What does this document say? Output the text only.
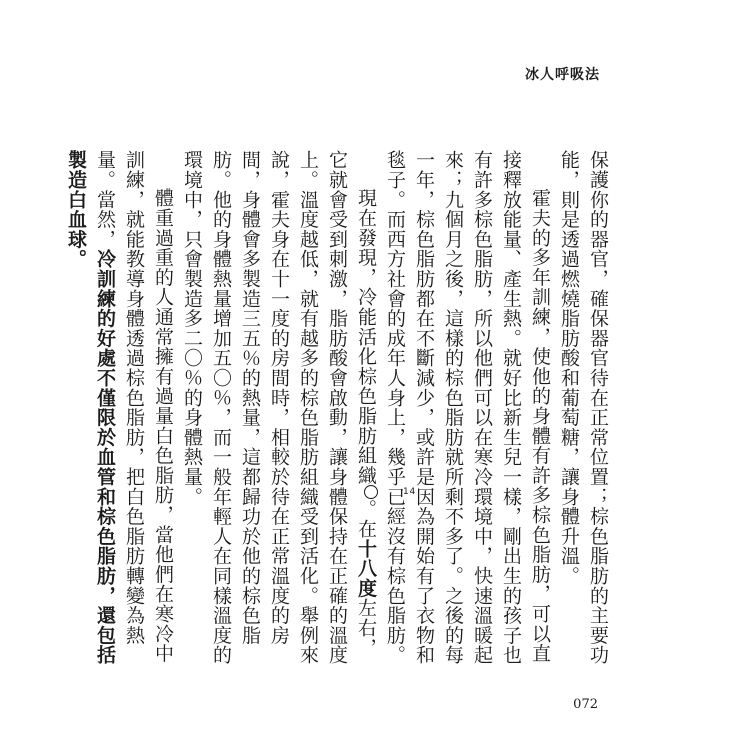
冰人呼吸法

保護你的器官，確保器官待在正常位置；棕色脂肪的主要功能，則是透過燃燒脂肪酸和葡萄糖，讓身體升溫。

霍夫的多年訓練，使他的身體有許多棕色脂肪，可以直接釋放能量、產生熱。就好比新生兒一樣，剛出生的孩子也有許多棕色脂肪，所以他們可以在寒冷環境中，快速溫暖起來；九個月之後，這樣的棕色脂肪就所剩不多了。之後的每一年，棕色脂肪都在不斷減少，或許是因為開始有了衣物和毯子。而西方社會的成年人身上，幾乎已經沒有棕色脂肪。

現在發現，冷能活化棕色脂肪組織14。在十八度左右，它就會受到刺激，脂肪酸會啟動，讓身體保持在正確的溫度上。溫度越低，就有越多的棕色脂肪組織受到活化。舉例來說，霍夫身在十一度的房間時，相較於待在正常溫度的房間，身體會多製造三五％的熱量，這都歸功於他的棕色脂肪。他的身體熱量增加五〇％，而一般年輕人在同樣溫度的環境中，只會製造多二〇％的身體熱量。

體重過重的人通常擁有過量白色脂肪，當他們在寒冷中訓練，就能教導身體透過棕色脂肪，把白色脂肪轉變為熱量。當然，冷訓練的好處不僅限於血管和棕色脂肪，還包括製造白血球。

072
